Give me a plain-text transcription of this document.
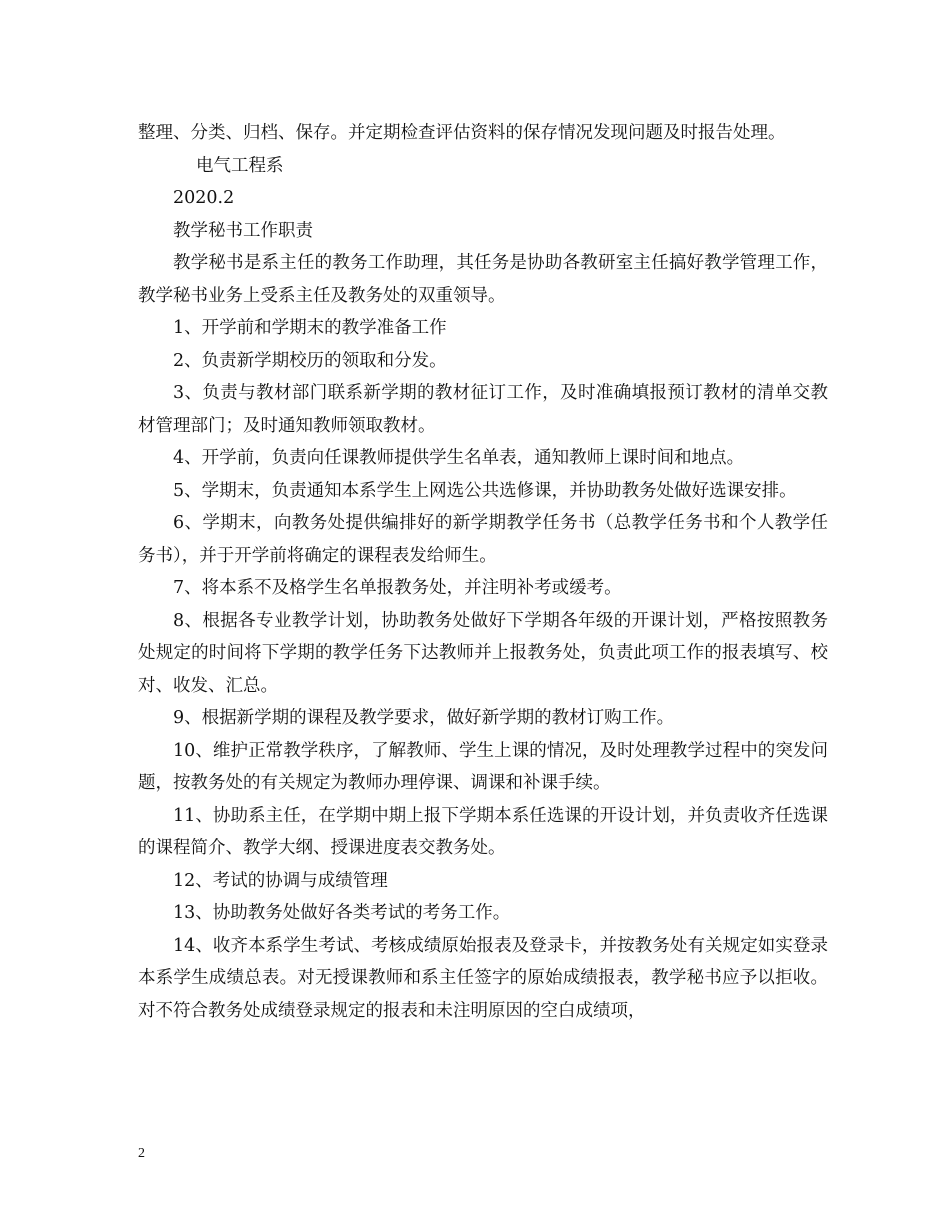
整理、分类、归档、保存。并定期检查评估资料的保存情况发现问题及时报告处理。

电气工程系

2020.2

教学秘书工作职责

教学秘书是系主任的教务工作助理，其任务是协助各教研室主任搞好教学管理工作，教学秘书业务上受系主任及教务处的双重领导。

1、开学前和学期末的教学准备工作

2、负责新学期校历的领取和分发。

3、负责与教材部门联系新学期的教材征订工作，及时准确填报预订教材的清单交教材管理部门；及时通知教师领取教材。

4、开学前，负责向任课教师提供学生名单表，通知教师上课时间和地点。

5、学期末，负责通知本系学生上网选公共选修课，并协助教务处做好选课安排。

6、学期末，向教务处提供编排好的新学期教学任务书（总教学任务书和个人教学任务书），并于开学前将确定的课程表发给师生。

7、将本系不及格学生名单报教务处，并注明补考或缓考。

8、根据各专业教学计划，协助教务处做好下学期各年级的开课计划，严格按照教务处规定的时间将下学期的教学任务下达教师并上报教务处，负责此项工作的报表填写、校对、收发、汇总。

9、根据新学期的课程及教学要求，做好新学期的教材订购工作。

10、维护正常教学秩序，了解教师、学生上课的情况，及时处理教学过程中的突发问题，按教务处的有关规定为教师办理停课、调课和补课手续。

11、协助系主任，在学期中期上报下学期本系任选课的开设计划，并负责收齐任选课的课程简介、教学大纲、授课进度表交教务处。

12、考试的协调与成绩管理

13、协助教务处做好各类考试的考务工作。

14、收齐本系学生考试、考核成绩原始报表及登录卡，并按教务处有关规定如实登录本系学生成绩总表。对无授课教师和系主任签字的原始成绩报表，教学秘书应予以拒收。对不符合教务处成绩登录规定的报表和未注明原因的空白成绩项，

2
